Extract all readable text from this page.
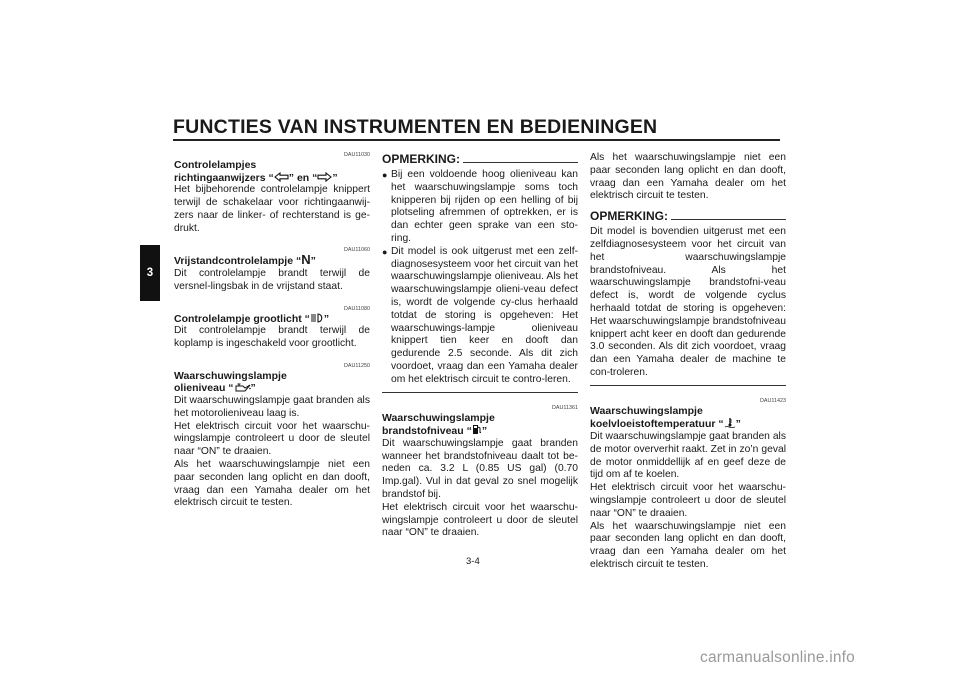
FUNCTIES VAN INSTRUMENTEN EN BEDIENINGEN
3
DAU11030
Controlelampjes
richtingaanwijzers “ ” en “ ”
Het bijbehorende controlelampje knippert terwijl de schakelaar voor richtingaanwij-zers naar de linker- of rechterstand is ge-drukt.
DAU11060
Vrijstandcontrolelampje “N”
Dit controlelampje brandt terwijl de versnel-lingsbak in de vrijstand staat.
DAU11080
Controlelampje grootlicht “ ”
Dit controlelampje brandt terwijl de koplamp is ingeschakeld voor grootlicht.
DAU11250
Waarschuwingslampje
olieniveau “ ”
Dit waarschuwingslampje gaat branden als het motorolieniveau laag is.
Het elektrisch circuit voor het waarschu-wingslampje controleert u door de sleutel naar “ON” te draaien.
Als het waarschuwingslampje niet een paar seconden lang oplicht en dan dooft, vraag dan een Yamaha dealer om het elektrisch circuit te testen.
OPMERKING:
● Bij een voldoende hoog olieniveau kan het waarschuwingslampje soms toch knipperen bij rijden op een helling of bij plotseling afremmen of optrekken, er is dan echter geen sprake van een sto-ring.
● Dit model is ook uitgerust met een zelf-diagnosesysteem voor het circuit van het waarschuwingslampje olieniveau. Als het waarschuwingslampje olieni-veau defect is, wordt de volgende cy-clus herhaald totdat de storing is opgeheven: Het waarschuwings-lampje olieniveau knippert tien keer en dooft dan gedurende 2.5 seconde. Als dit zich voordoet, vraag dan een Yamaha dealer om het elektrisch circuit te contro-leren.
DAU11361
Waarschuwingslampje
brandstofniveau “ ”
Dit waarschuwingslampje gaat branden wanneer het brandstofniveau daalt tot be-neden ca. 3.2 L (0.85 US gal) (0.70 Imp.gal). Vul in dat geval zo snel mogelijk brandstof bij.
Het elektrisch circuit voor het waarschu-wingslampje controleert u door de sleutel naar “ON” te draaien.
Als het waarschuwingslampje niet een paar seconden lang oplicht en dan dooft, vraag dan een Yamaha dealer om het elektrisch circuit te testen.
OPMERKING:
Dit model is bovendien uitgerust met een zelfdiagnosesysteem voor het circuit van het waarschuwingslampje brandstofniveau. Als het waarschuwingslampje brandstofni-veau defect is, wordt de volgende cyclus herhaald totdat de storing is opgeheven: Het waarschuwingslampje brandstofniveau knippert acht keer en dooft dan gedurende 3.0 seconden. Als dit zich voordoet, vraag dan een Yamaha dealer de machine te con-troleren.
DAU11423
Waarschuwingslampje
koelvloeistoftemperatuur “ ”
Dit waarschuwingslampje gaat branden als de motor oververhit raakt. Zet in zo’n geval de motor onmiddellijk af en geef deze de tijd om af te koelen.
Het elektrisch circuit voor het waarschu-wingslampje controleert u door de sleutel naar “ON” te draaien.
Als het waarschuwingslampje niet een paar seconden lang oplicht en dan dooft, vraag dan een Yamaha dealer om het elektrisch circuit te testen.
3-4
carmanualsonline.info
